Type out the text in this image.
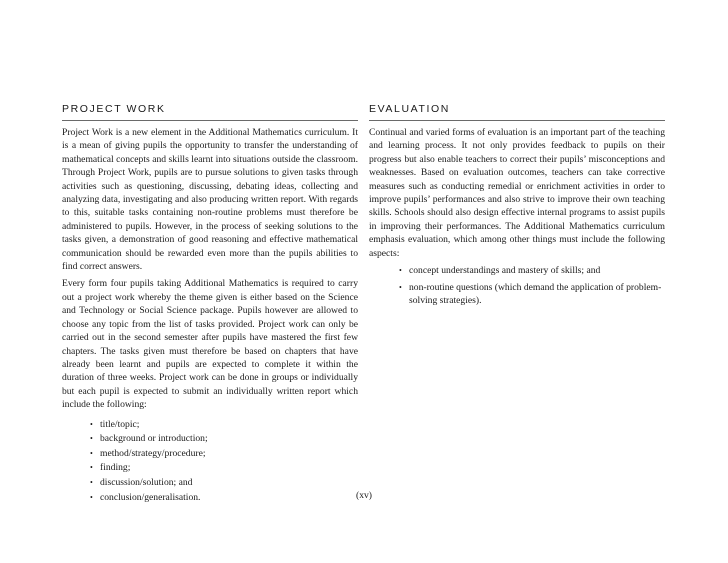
PROJECT WORK

Project Work is a new element in the Additional Mathematics curriculum. It is a mean of giving pupils the opportunity to transfer the understanding of mathematical concepts and skills learnt into situations outside the classroom. Through Project Work, pupils are to pursue solutions to given tasks through activities such as questioning, discussing, debating ideas, collecting and analyzing data, investigating and also producing written report. With regards to this, suitable tasks containing non-routine problems must therefore be administered to pupils. However, in the process of seeking solutions to the tasks given, a demonstration of good reasoning and effective mathematical communication should be rewarded even more than the pupils abilities to find correct answers.

Every form four pupils taking Additional Mathematics is required to carry out a project work whereby the theme given is either based on the Science and Technology or Social Science package. Pupils however are allowed to choose any topic from the list of tasks provided. Project work can only be carried out in the second semester after pupils have mastered the first few chapters. The tasks given must therefore be based on chapters that have already been learnt and pupils are expected to complete it within the duration of three weeks. Project work can be done in groups or individually but each pupil is expected to submit an individually written report which include the following:

• title/topic;
• background or introduction;
• method/strategy/procedure;
• finding;
• discussion/solution; and
• conclusion/generalisation.
EVALUATION

Continual and varied forms of evaluation is an important part of the teaching and learning process. It not only provides feedback to pupils on their progress but also enable teachers to correct their pupils’ misconceptions and weaknesses. Based on evaluation outcomes, teachers can take corrective measures such as conducting remedial or enrichment activities in order to improve pupils’ performances and also strive to improve their own teaching skills. Schools should also design effective internal programs to assist pupils in improving their performances. The Additional Mathematics curriculum emphasis evaluation, which among other things must include the following aspects:

• concept understandings and mastery of skills; and
• non-routine questions (which demand the application of problem-solving strategies).
(xv)
